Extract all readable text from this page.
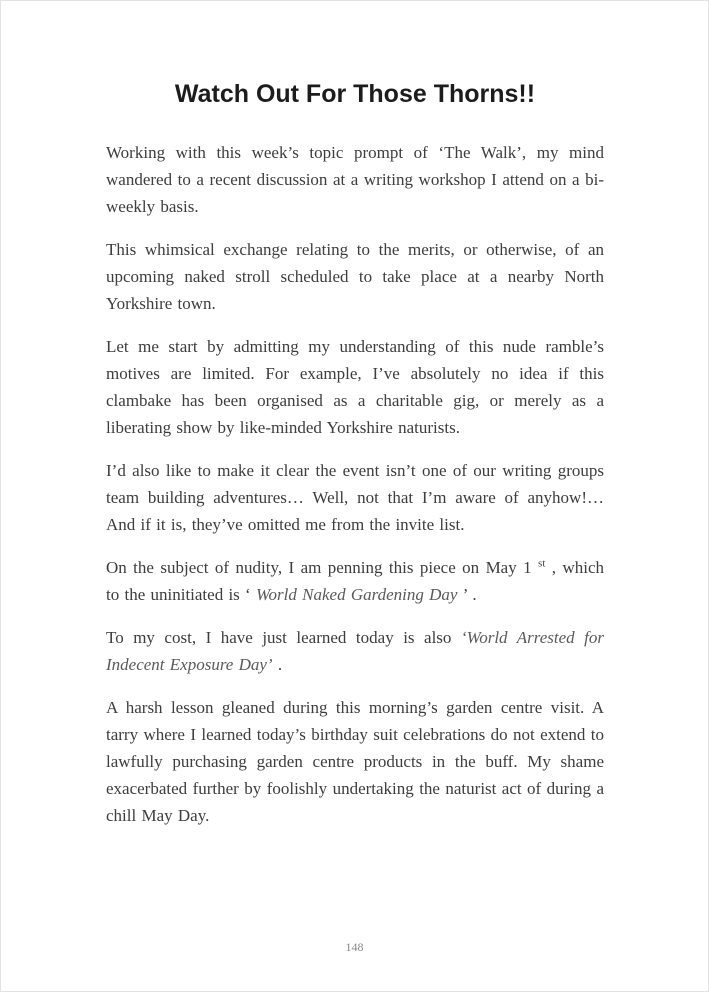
Watch Out For Those Thorns!!

Working with this week’s topic prompt of ‘The Walk’, my mind wandered to a recent discussion at a writing workshop I attend on a bi-weekly basis.

This whimsical exchange relating to the merits, or otherwise, of an upcoming naked stroll scheduled to take place at a nearby North Yorkshire town.

Let me start by admitting my understanding of this nude ramble’s motives are limited. For example, I’ve absolutely no idea if this clambake has been organised as a charitable gig, or merely as a liberating show by like-minded Yorkshire naturists.

I’d also like to make it clear the event isn’t one of our writing groups team building adventures… Well, not that I’m aware of anyhow!… And if it is, they’ve omitted me from the invite list.

On the subject of nudity, I am penning this piece on May 1 $^{st}$ , which to the uninitiated is ‘ World Naked Gardening Day ’ .

To my cost, I have just learned today is also ‘World Arrested for Indecent Exposure Day’ .

A harsh lesson gleaned during this morning’s garden centre visit. A tarry where I learned today’s birthday suit celebrations do not extend to lawfully purchasing garden centre products in the buff. My shame exacerbated further by foolishly undertaking the naturist act of during a chill May Day.

148
